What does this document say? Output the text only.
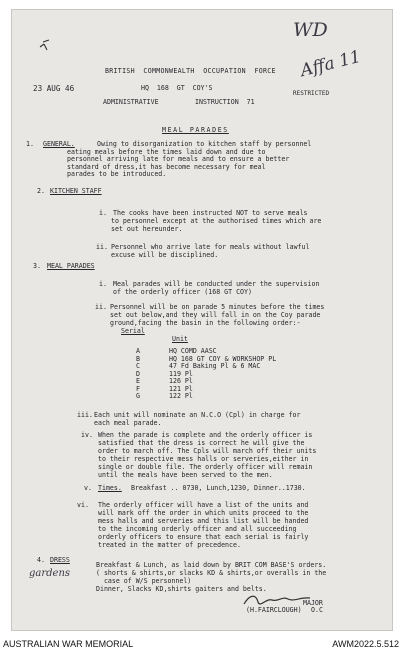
WD
Affa 11
BRITISH  COMMONWEALTH  OCCUPATION  FORCE
23 AUG 46	HQ  168  GT  COY'S
ADMINISTRATIVE	INSTRUCTION  71
RESTRICTED
MEAL PARADES
1. GENERAL.	Owing to disorganization to kitchen staff by personnel
eating meals before the times laid down and due to
personnel arriving late for meals and to ensure a better
standard of dress,it has become necessary for meal
parades to be introduced.
2. KITCHEN STAFF
i. The cooks have been instructed NOT to serve meals
to personnel except at the authorised times which are
set out hereunder.
ii. Personnel who arrive late for meals without lawful
excuse will be disciplined.
3. MEAL PARADES
i. Meal parades will be conducted under the supervision
of the orderly officer (168 GT COY)
ii. Personnel will be on parade 5 minutes before the times
set out below,and they will fall in on the Coy parade
ground,facing the basin in the following order:-
Serial
Unit
A	HQ COMD AASC
B	HQ 168 GT COY & WORKSHOP PL
C	47 Fd Baking Pl & 6 MAC
D	119 Pl
E	126 Pl
F	121 Pl
G	122 Pl
iii. Each unit will nominate an N.C.O (Cpl) in charge for
each meal parade.
iv. When the parade is complete and the orderly officer is
satisfied that the dress is correct he will give the
order to march off. The Cpls will march off their units
to their respective mess halls or serveries,either in
single or double file. The orderly officer will remain
until the meals have been served to the men.
v. Times. Breakfast .. 0730, Lunch,1230, Dinner..1730.
vi. The orderly officer will have a list of the units and
will mark off the order in which units proceed to the
mess halls and serveries and this list will be handed
to the incoming orderly officer and all succeeding
orderly officers to ensure that each serial is fairly
treated in the matter of precedence.
4. DRESS
Breakfast & Lunch, as laid down by BRIT COM BASE'S orders.
( shorts & shirts,or slacks KD & shirts,or overalls in the
case of W/S personnel)
Dinner, Slacks KD,shirts gaiters and belts.
gardens
MAJOR
(H.FAIRCLOUGH) O.C
AUSTRALIAN WAR MEMORIAL	AWM2022.5.512
